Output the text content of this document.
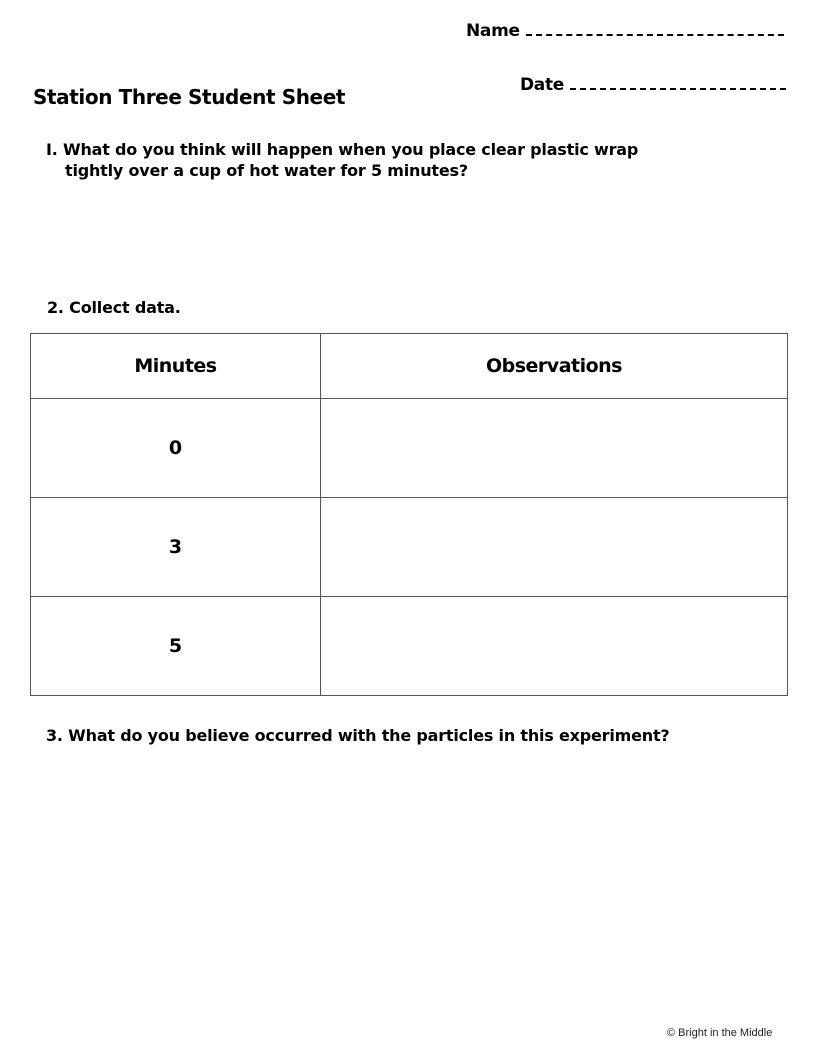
Name
Date
Station Three Student Sheet
I. What do you think will happen when you place clear plastic wrap
tightly over a cup of hot water for 5 minutes?
2. Collect data.
Minutes	Observations
0	
3	
5	
3. What do you believe occurred with the particles in this experiment?
© Bright in the Middle
